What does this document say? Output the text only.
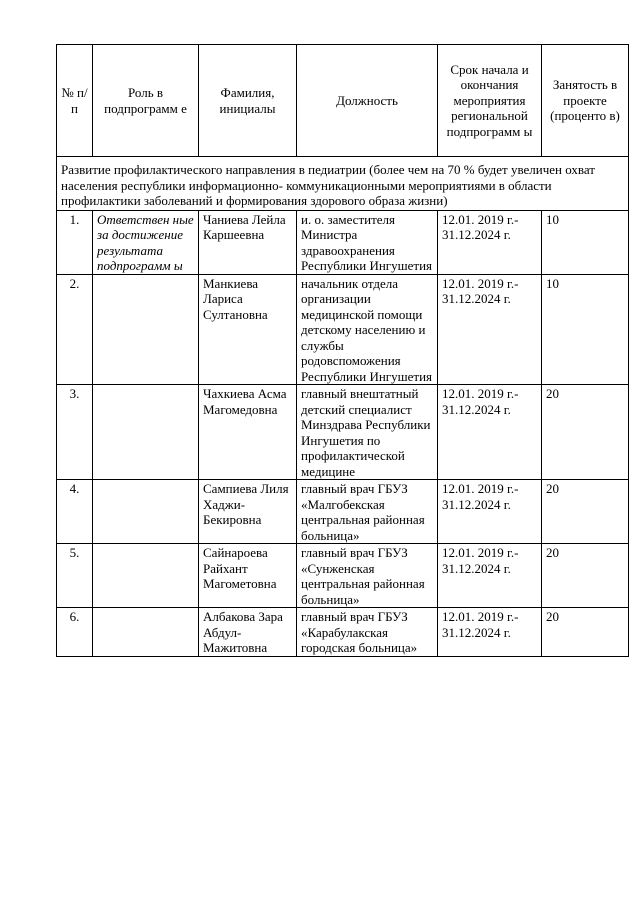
№ п/п	Роль в подпрограмм е	Фамилия, инициалы	Должность	Срок начала и окончания мероприятия региональной подпрограмм ы	Занятость в проекте (проценто в)
Развитие профилактического направления в педиатрии (более чем на 70 % будет увеличен охват населения республики информационно- коммуникационными мероприятиями в области профилактики заболеваний и формирования здорового образа жизни)					
1.	Ответствен ные за достижение результата подпрограмм ы	Чаниева Лейла Каршеевна	и. о. заместителя Министра здравоохранения Республики Ингушетия	12.01. 2019 г.- 31.12.2024 г.	10
2.		Манкиева Лариса Султановна	начальник отдела организации медицинской помощи детскому населению и службы родовспоможения Республики Ингушетия	12.01. 2019 г.- 31.12.2024 г.	10
3.		Чахкиева Асма Магомедовна	главный внештатный детский специалист Минздрава Республики Ингушетия по профилактической медицине	12.01. 2019 г.- 31.12.2024 г.	20
4.		Сампиева Лиля Хаджи-Бекировна	главный врач ГБУЗ «Малгобекская центральная районная больница»	12.01. 2019 г.- 31.12.2024 г.	20
5.		Сайнароева Райхант Магометовна	главный врач ГБУЗ «Сунженская центральная районная больница»	12.01. 2019 г.- 31.12.2024 г.	20
6.		Албакова Зара Абдул-Мажитовна	главный врач ГБУЗ «Карабулакская городская больница»	12.01. 2019 г.- 31.12.2024 г.	20
